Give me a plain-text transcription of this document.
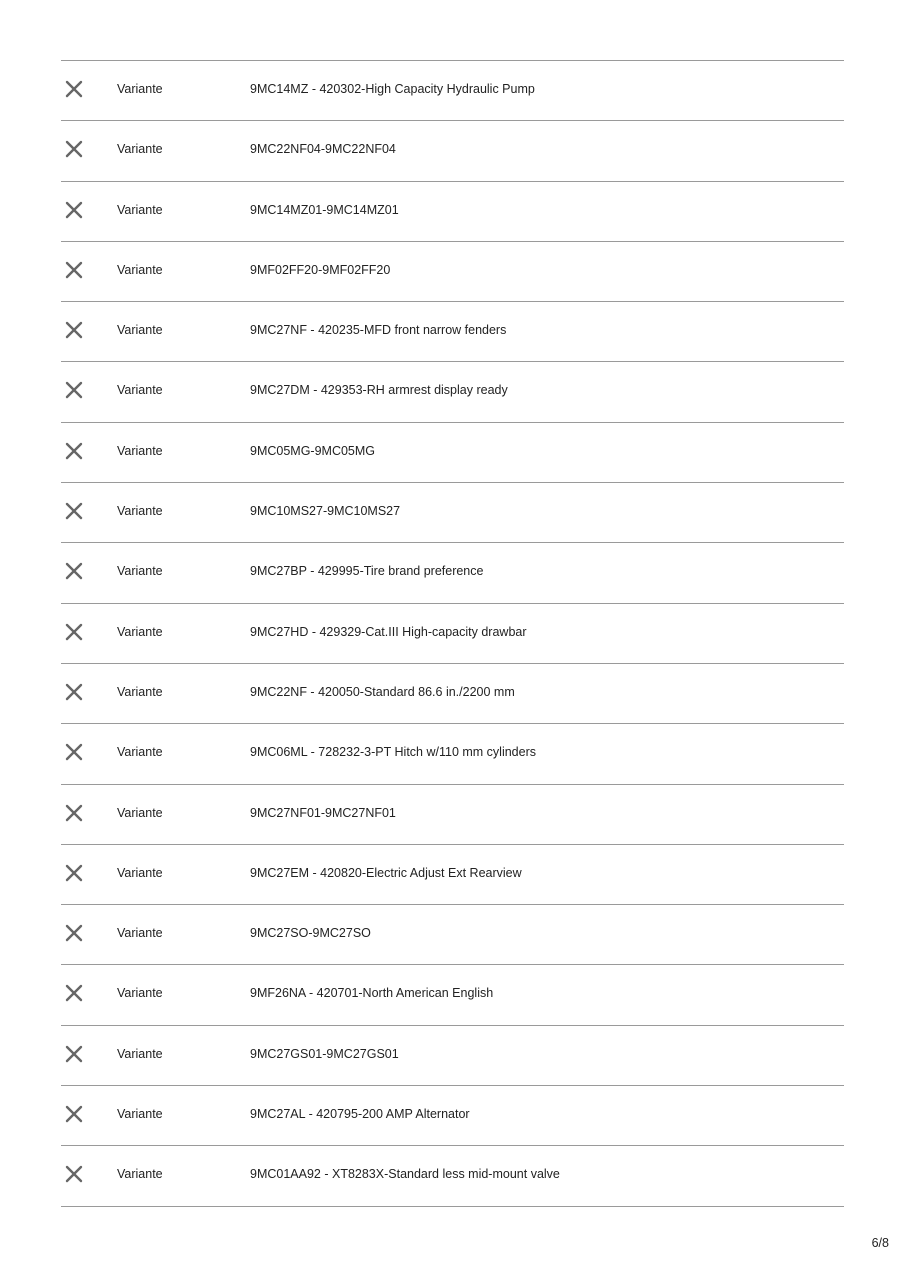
Variante	9MC14MZ - 420302-High Capacity Hydraulic Pump
Variante	9MC22NF04-9MC22NF04
Variante	9MC14MZ01-9MC14MZ01
Variante	9MF02FF20-9MF02FF20
Variante	9MC27NF - 420235-MFD front narrow fenders
Variante	9MC27DM - 429353-RH armrest display ready
Variante	9MC05MG-9MC05MG
Variante	9MC10MS27-9MC10MS27
Variante	9MC27BP - 429995-Tire brand preference
Variante	9MC27HD - 429329-Cat.III High-capacity drawbar
Variante	9MC22NF - 420050-Standard 86.6 in./2200 mm
Variante	9MC06ML - 728232-3-PT Hitch w/110 mm cylinders
Variante	9MC27NF01-9MC27NF01
Variante	9MC27EM - 420820-Electric Adjust Ext Rearview
Variante	9MC27SO-9MC27SO
Variante	9MF26NA - 420701-North American English
Variante	9MC27GS01-9MC27GS01
Variante	9MC27AL - 420795-200 AMP Alternator
Variante	9MC01AA92 - XT8283X-Standard less mid-mount valve
6/8
